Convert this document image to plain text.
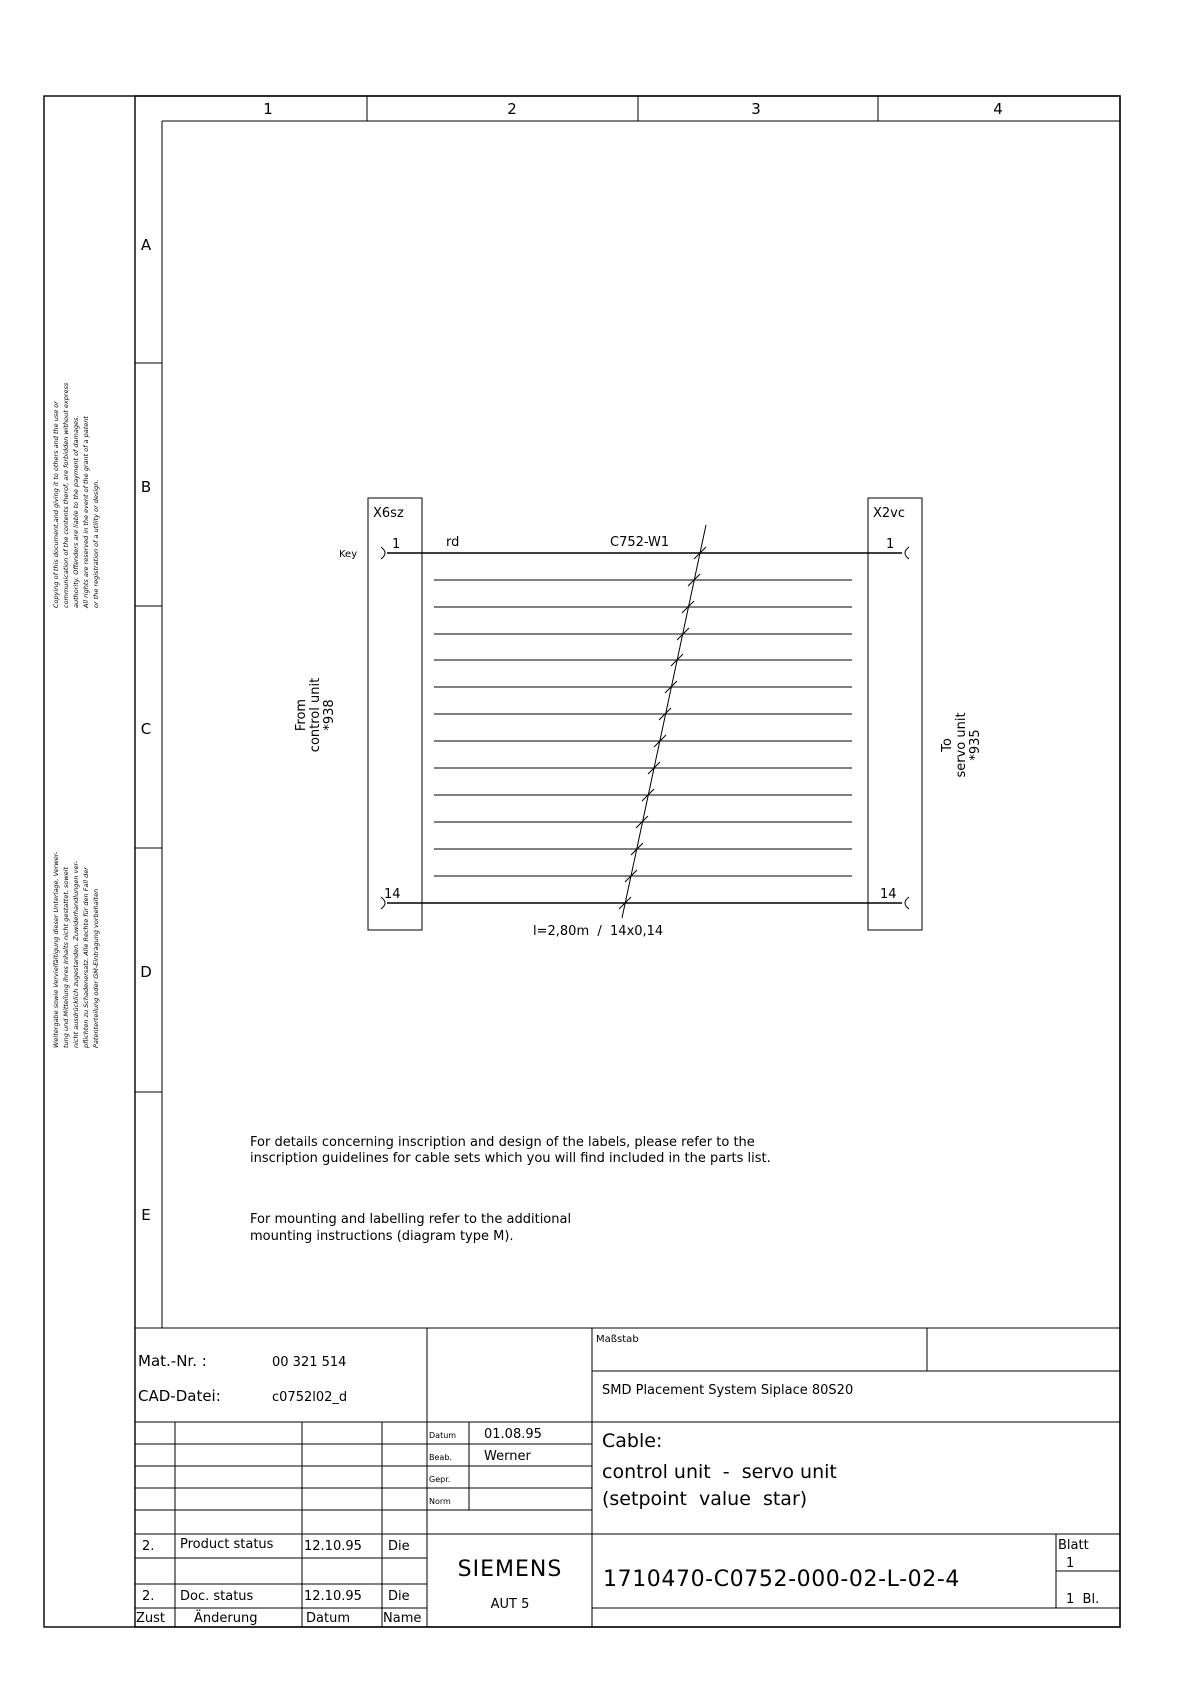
1	2	3	4
A
B
C
D
E
Copying of this document,and giving it to others and the use or communication of the contents therof, are forbidden without express authority. Offenders are liable to the payment of damages. All rights are reserved in the event of the grant of a patent or the registration of a utility or design.
Weitergabe sowie Vervielfältigung dieser Unterlage, Verwer- tung und Mitteilung ihres Inhalts nicht gestattet, soweit nicht ausdrücklich zugestanden. Zuwiderhandlungen ver- pflichten zu Schadenersatz. Alle Rechte für den Fall der Patenterteilung oder GM-Eintragung vorbehalten
X6sz	X2vc
Key
1
14
1
14
rd	C752-W1
l=2,80m  /  14x0,14
From control unit *938
To servo unit *935
For details concerning inscription and design of the labels, please refer to the
inscription guidelines for cable sets which you will find included in the parts list.
For mounting and labelling refer to the additional
mounting instructions (diagram type M).
Mat.-Nr. :	00 321 514
CAD-Datei:	c0752l02_d
Maßstab
SMD Placement System Siplace 80S20
Datum 01.08.95
Beab. Werner
Gepr.
Norm
Cable:
control unit  -  servo unit
(setpoint  value  star)
2. Product status 12.10.95 Die
2. Doc. status	12.10.95 Die
Zust Änderung	Datum	Name
SIEMENS
AUT 5
1710470-C0752-000-02-L-02-4
Blatt
1
1  Bl.
